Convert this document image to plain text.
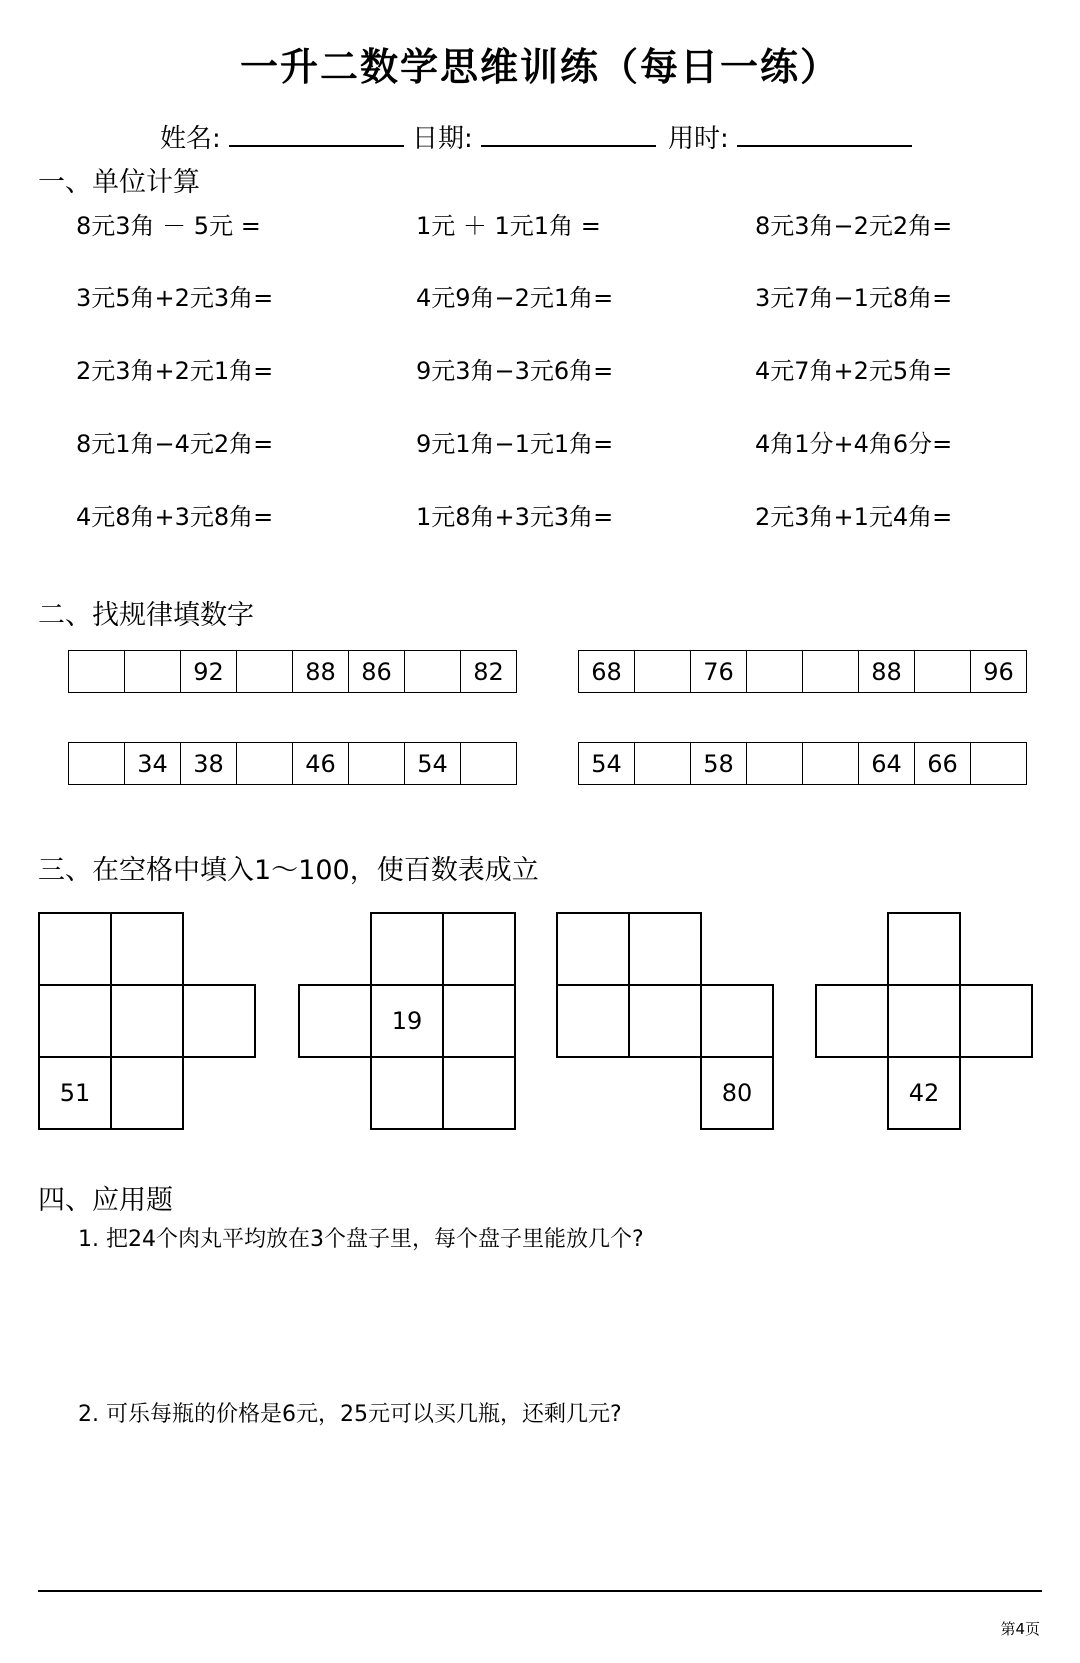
一升二数学思维训练（每日一练）
姓名:	日期:	用时:
一、单位计算
8元3角 － 5元 =	1元 ＋ 1元1角 =	8元3角−2元2角=
3元5角+2元3角=	4元9角−2元1角=	3元7角−1元8角=
2元3角+2元1角=	9元3角−3元6角=	4元7角+2元5角=
8元1角−4元2角=	9元1角−1元1角=	4角1分+4角6分=
4元8角+3元8角=	1元8角+3元3角=	2元3角+1元4角=
二、找规律填数字
		92		88	86		82	68		76			88		96
	34	38		46		54		54		58			64	66	
三、在空格中填入1～100，使百数表成立
51
19
80	42
四、应用题
1. 把24个肉丸平均放在3个盘子里，每个盘子里能放几个?
2. 可乐每瓶的价格是6元，25元可以买几瓶，还剩几元?
第4页
